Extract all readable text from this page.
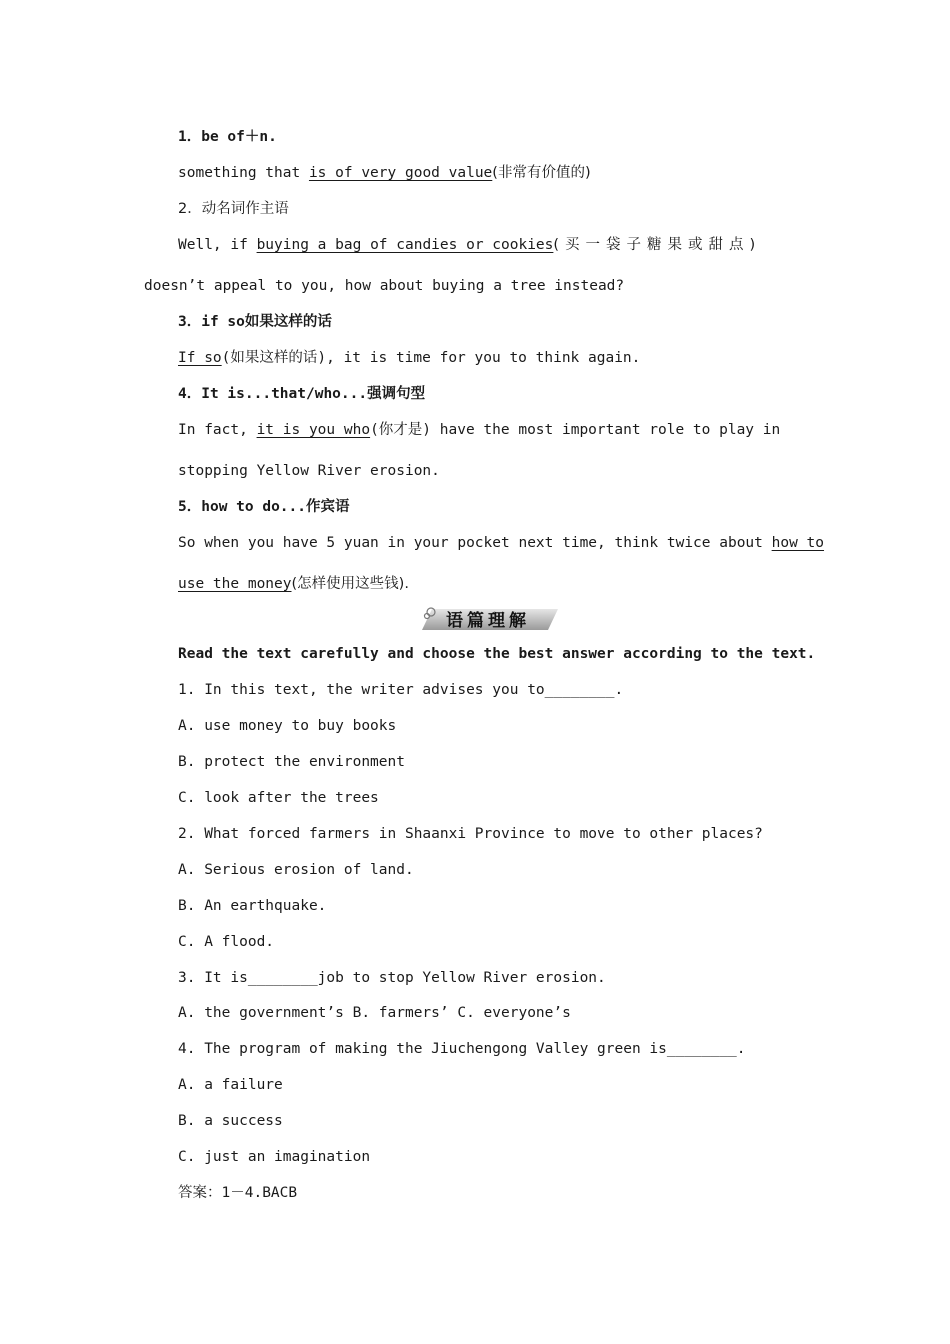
1．be of＋n.
something that is of very good value(非常有价值的)
2．动名词作主语
Well, if buying a bag of candies or cookies(买一袋子糖果或甜点)
doesn’t appeal to you, how about buying a tree instead?
3．if so如果这样的话
If so(如果这样的话), it is time for you to think again.
4．It is...that/who...强调句型
In fact, it is you who(你才是) have the most important role to play in
stopping Yellow River erosion.
5．how to do...作宾语
So when you have 5 yuan in your pocket next time, think twice about how to
use the money(怎样使用这些钱).
语篇理解
Read the text carefully and choose the best answer according to the text.
1. In this text, the writer advises you to________.
A. use money to buy books
B. protect the environment
C. look after the trees
2. What forced farmers in Shaanxi Province to move to other places?
A. Serious erosion of land.
B. An earthquake.
C. A flood.
3. It is________job to stop Yellow River erosion.
A. the government’s B. farmers’ C. everyone’s
4. The program of making the Jiuchengong Valley green is________.
A. a failure
B. a success
C. just an imagination
答案：1－4.BACB
